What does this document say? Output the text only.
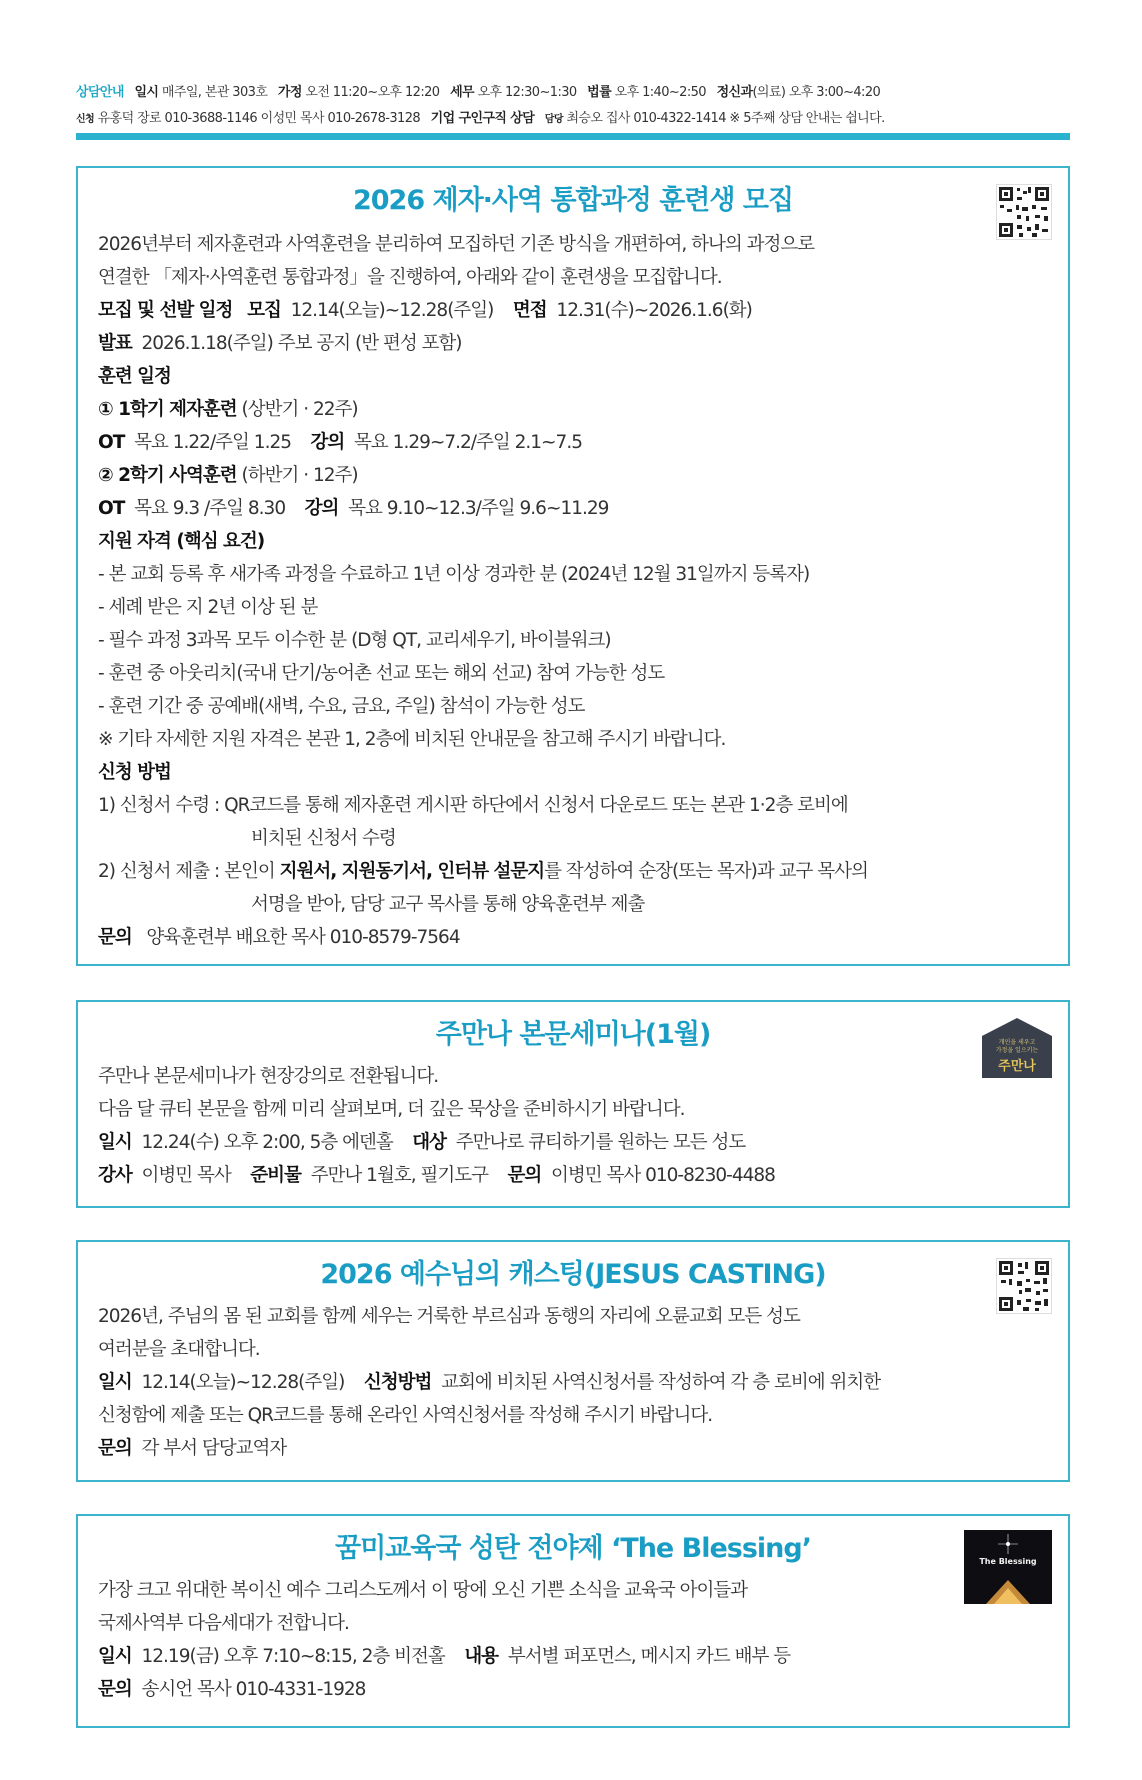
상담안내 일시 매주일, 본관 303호 가정 오전 11:20~오후 12:20 세무 오후 12:30~1:30 법률 오후 1:40~2:50 정신과(의료) 오후 3:00~4:20
신청 유홍덕 장로 010-3688-1146 이성민 목사 010-2678-3128 기업 구인구직 상담 담당 최승오 집사 010-4322-1414 ※ 5주째 상담 안내는 쉽니다.
2026 제자·사역 통합과정 훈련생 모집
2026년부터 제자훈련과 사역훈련을 분리하여 모집하던 기존 방식을 개편하여, 하나의 과정으로
연결한 「제자·사역훈련 통합과정」을 진행하여, 아래와 같이 훈련생을 모집합니다.
모집 및 선발 일정 모집 12.14(오늘)~12.28(주일) 면접 12.31(수)~2026.1.6(화)
발표 2026.1.18(주일) 주보 공지 (반 편성 포함)
훈련 일정
① 1학기 제자훈련 (상반기 · 22주)
OT 목요 1.22/주일 1.25 강의 목요 1.29~7.2/주일 2.1~7.5
② 2학기 사역훈련 (하반기 · 12주)
OT 목요 9.3 /주일 8.30 강의 목요 9.10~12.3/주일 9.6~11.29
지원 자격 (핵심 요건)
- 본 교회 등록 후 새가족 과정을 수료하고 1년 이상 경과한 분 (2024년 12월 31일까지 등록자)
- 세례 받은 지 2년 이상 된 분
- 필수 과정 3과목 모두 이수한 분 (D형 QT, 교리세우기, 바이블워크)
- 훈련 중 아웃리치(국내 단기/농어촌 선교 또는 해외 선교) 참여 가능한 성도
- 훈련 기간 중 공예배(새벽, 수요, 금요, 주일) 참석이 가능한 성도
※ 기타 자세한 지원 자격은 본관 1, 2층에 비치된 안내문을 참고해 주시기 바랍니다.
신청 방법
1) 신청서 수령 : QR코드를 통해 제자훈련 게시판 하단에서 신청서 다운로드 또는 본관 1·2층 로비에
비치된 신청서 수령
2) 신청서 제출 : 본인이 지원서, 지원동기서, 인터뷰 설문지를 작성하여 순장(또는 목자)과 교구 목사의
서명을 받아, 담당 교구 목사를 통해 양육훈련부 제출
문의 양육훈련부 배요한 목사 010-8579-7564
주만나 본문세미나(1월)	개인을 세우고
가정을 일으키는
주만나
주만나 본문세미나가 현장강의로 전환됩니다.
다음 달 큐티 본문을 함께 미리 살펴보며, 더 깊은 묵상을 준비하시기 바랍니다.
일시 12.24(수) 오후 2:00, 5층 에덴홀 대상 주만나로 큐티하기를 원하는 모든 성도
강사 이병민 목사 준비물 주만나 1월호, 필기도구 문의 이병민 목사 010-8230-4488
2026 예수님의 캐스팅(JESUS CASTING)
2026년, 주님의 몸 된 교회를 함께 세우는 거룩한 부르심과 동행의 자리에 오륜교회 모든 성도
여러분을 초대합니다.
일시 12.14(오늘)~12.28(주일) 신청방법 교회에 비치된 사역신청서를 작성하여 각 층 로비에 위치한
신청함에 제출 또는 QR코드를 통해 온라인 사역신청서를 작성해 주시기 바랍니다.
문의 각 부서 담당교역자
꿈미교육국 성탄 전야제 ‘The Blessing’	The Blessing
가장 크고 위대한 복이신 예수 그리스도께서 이 땅에 오신 기쁜 소식을 교육국 아이들과
국제사역부 다음세대가 전합니다.
일시 12.19(금) 오후 7:10~8:15, 2층 비전홀 내용 부서별 퍼포먼스, 메시지 카드 배부 등
문의 송시언 목사 010-4331-1928
